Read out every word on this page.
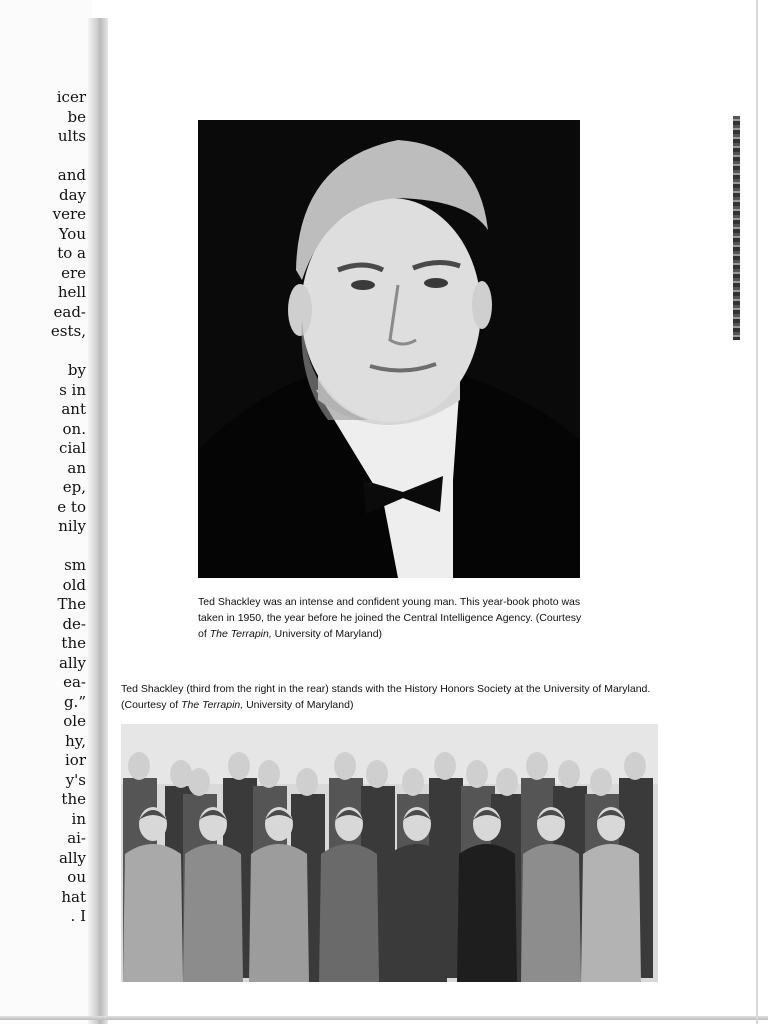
icer
be
ults
and
day
vere
You
to a
ere
hell
ead-
ests,
by
s in
ant
on.
cial
an
ep,
e to
nily
sm
old
The
de-
the
ally
ea-
g.”
ole
hy,
ior
y's
the
in
ai-
ally
ou
hat
. I
Ted Shackley was an intense and confident young man. This year-book photo was taken in 1950, the year before he joined the Central Intelligence Agency. (Courtesy of The Terrapin, University of Maryland)
Ted Shackley (third from the right in the rear) stands with the History Honors Society at the University of Maryland. (Courtesy of The Terrapin, University of Maryland)
